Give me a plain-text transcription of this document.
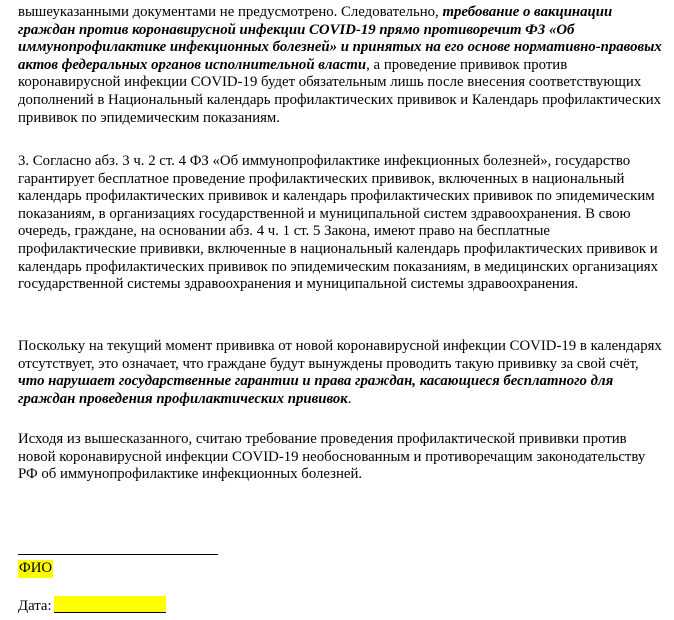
вышеуказанными документами не предусмотрено. Следовательно, требование о вакцинации граждан против коронавирусной инфекции COVID-19 прямо противоречит ФЗ «Об иммунопрофилактике инфекционных болезней» и принятых на его основе нормативно-правовых актов федеральных органов исполнительной власти, а проведение прививок против коронавирусной инфекции COVID-19 будет обязательным лишь после внесения соответствующих дополнений в Национальный календарь профилактических прививок и Календарь профилактических прививок по эпидемическим показаниям.

3. Согласно абз. 3 ч. 2 ст. 4 ФЗ «Об иммунопрофилактике инфекционных болезней», государство гарантирует бесплатное проведение профилактических прививок, включенных в национальный календарь профилактических прививок и календарь профилактических прививок по эпидемическим показаниям, в организациях государственной и муниципальной систем здравоохранения. В свою очередь, граждане, на основании абз. 4 ч. 1 ст. 5 Закона, имеют право на бесплатные профилактические прививки, включенные в национальный календарь профилактических прививок и календарь профилактических прививок по эпидемическим показаниям, в медицинских организациях государственной системы здравоохранения и муниципальной системы здравоохранения.

Поскольку на текущий момент прививка от новой коронавирусной инфекции COVID-19 в календарях отсутствует, это означает, что граждане будут вынуждены проводить такую прививку за свой счёт, что нарушает государственные гарантии и права граждан, касающиеся бесплатного для граждан проведения профилактических прививок.

Исходя из вышесказанного, считаю требование проведения профилактической прививки против новой коронавирусной инфекции COVID-19 необоснованным и противоречащим законодательству РФ об иммунопрофилактике инфекционных болезней.

ФИО
Дата:
